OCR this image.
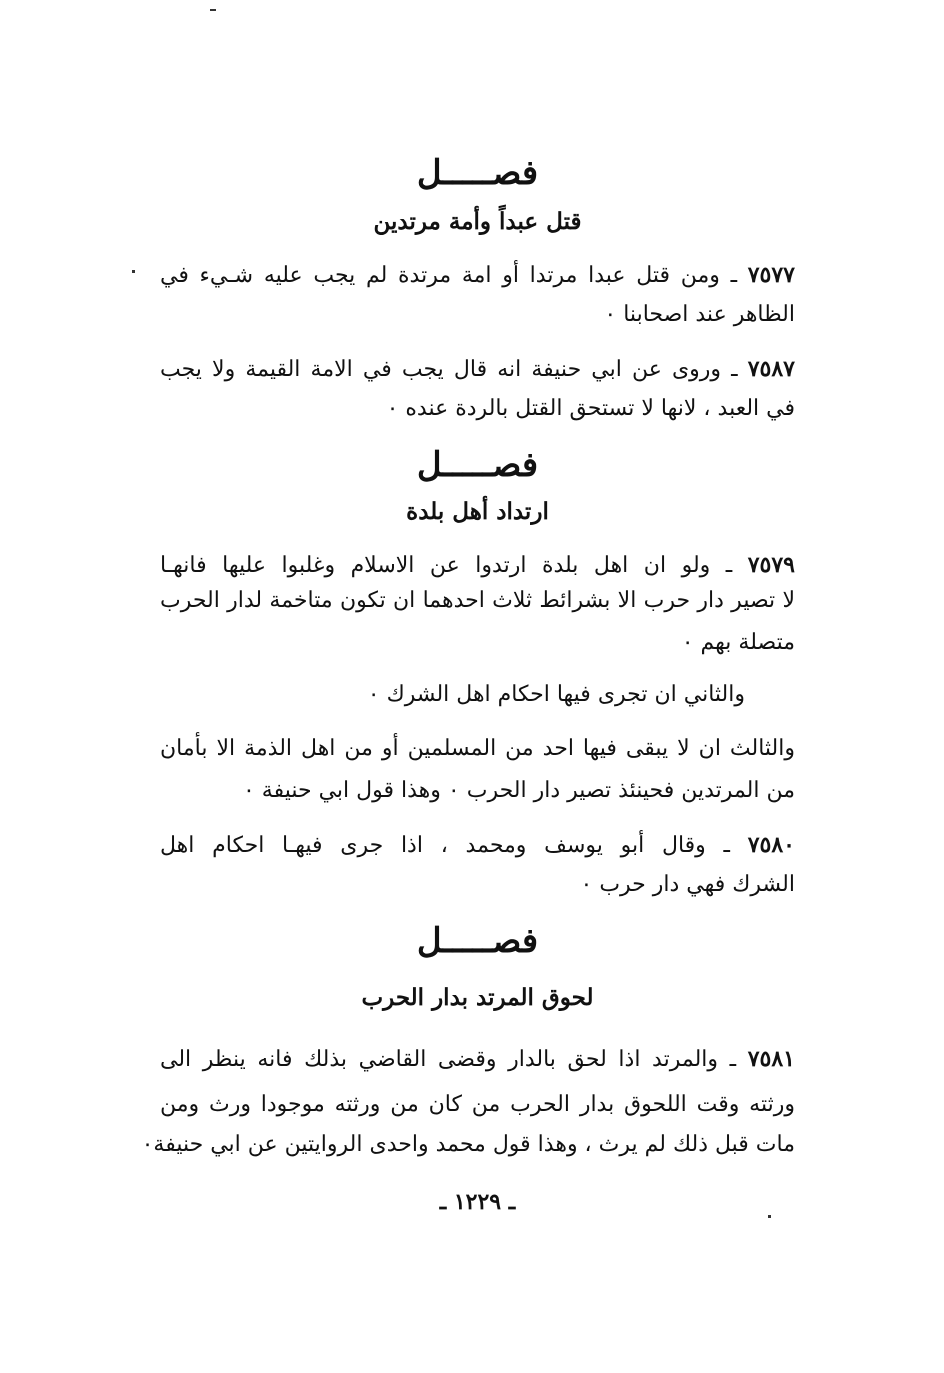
فصـــــل
قتل عبداً وأمة مرتدين
٧٥٧٧ ـ ومن قتل عبدا مرتدا أو امة مرتدة لم يجب عليه شـيء في
الظاهر عند اصحابنا ٠
٧٥٨٧ ـ وروى عن ابي حنيفة انه قال يجب في الامة القيمة ولا يجب
في العبد ، لانها لا تستحق القتل بالردة عنده ٠
فصـــــل
ارتداد أهل بلدة
٧٥٧٩ ـ ولو ان اهل بلدة ارتدوا عن الاسلام وغلبوا عليها فانهـا
لا تصير دار حرب الا بشرائط ثلاث احدهما ان تكون متاخمة لدار الحرب
متصلة بهم ٠
والثاني ان تجرى فيها احكام اهل الشرك ٠
والثالث ان لا يبقى فيها احد من المسلمين أو من اهل الذمة الا بأمان
من المرتدين فحينئذ تصير دار الحرب ٠ وهذا قول ابي حنيفة ٠
٧٥٨٠ ـ وقال أبو يوسف ومحمد ، اذا جرى فيهـا احكام اهل
الشرك فهي دار حرب ٠
فصـــــل
لحوق المرتد بدار الحرب
٧٥٨١ ـ والمرتد اذا لحق بالدار وقضى القاضي بذلك فانه ينظر الى
ورثته وقت اللحوق بدار الحرب من كان من ورثته موجودا ورث ومن
مات قبل ذلك لم يرث ، وهذا قول محمد واحدى الروايتين عن ابي حنيفة٠
ـ ١٢٢٩ ـ
